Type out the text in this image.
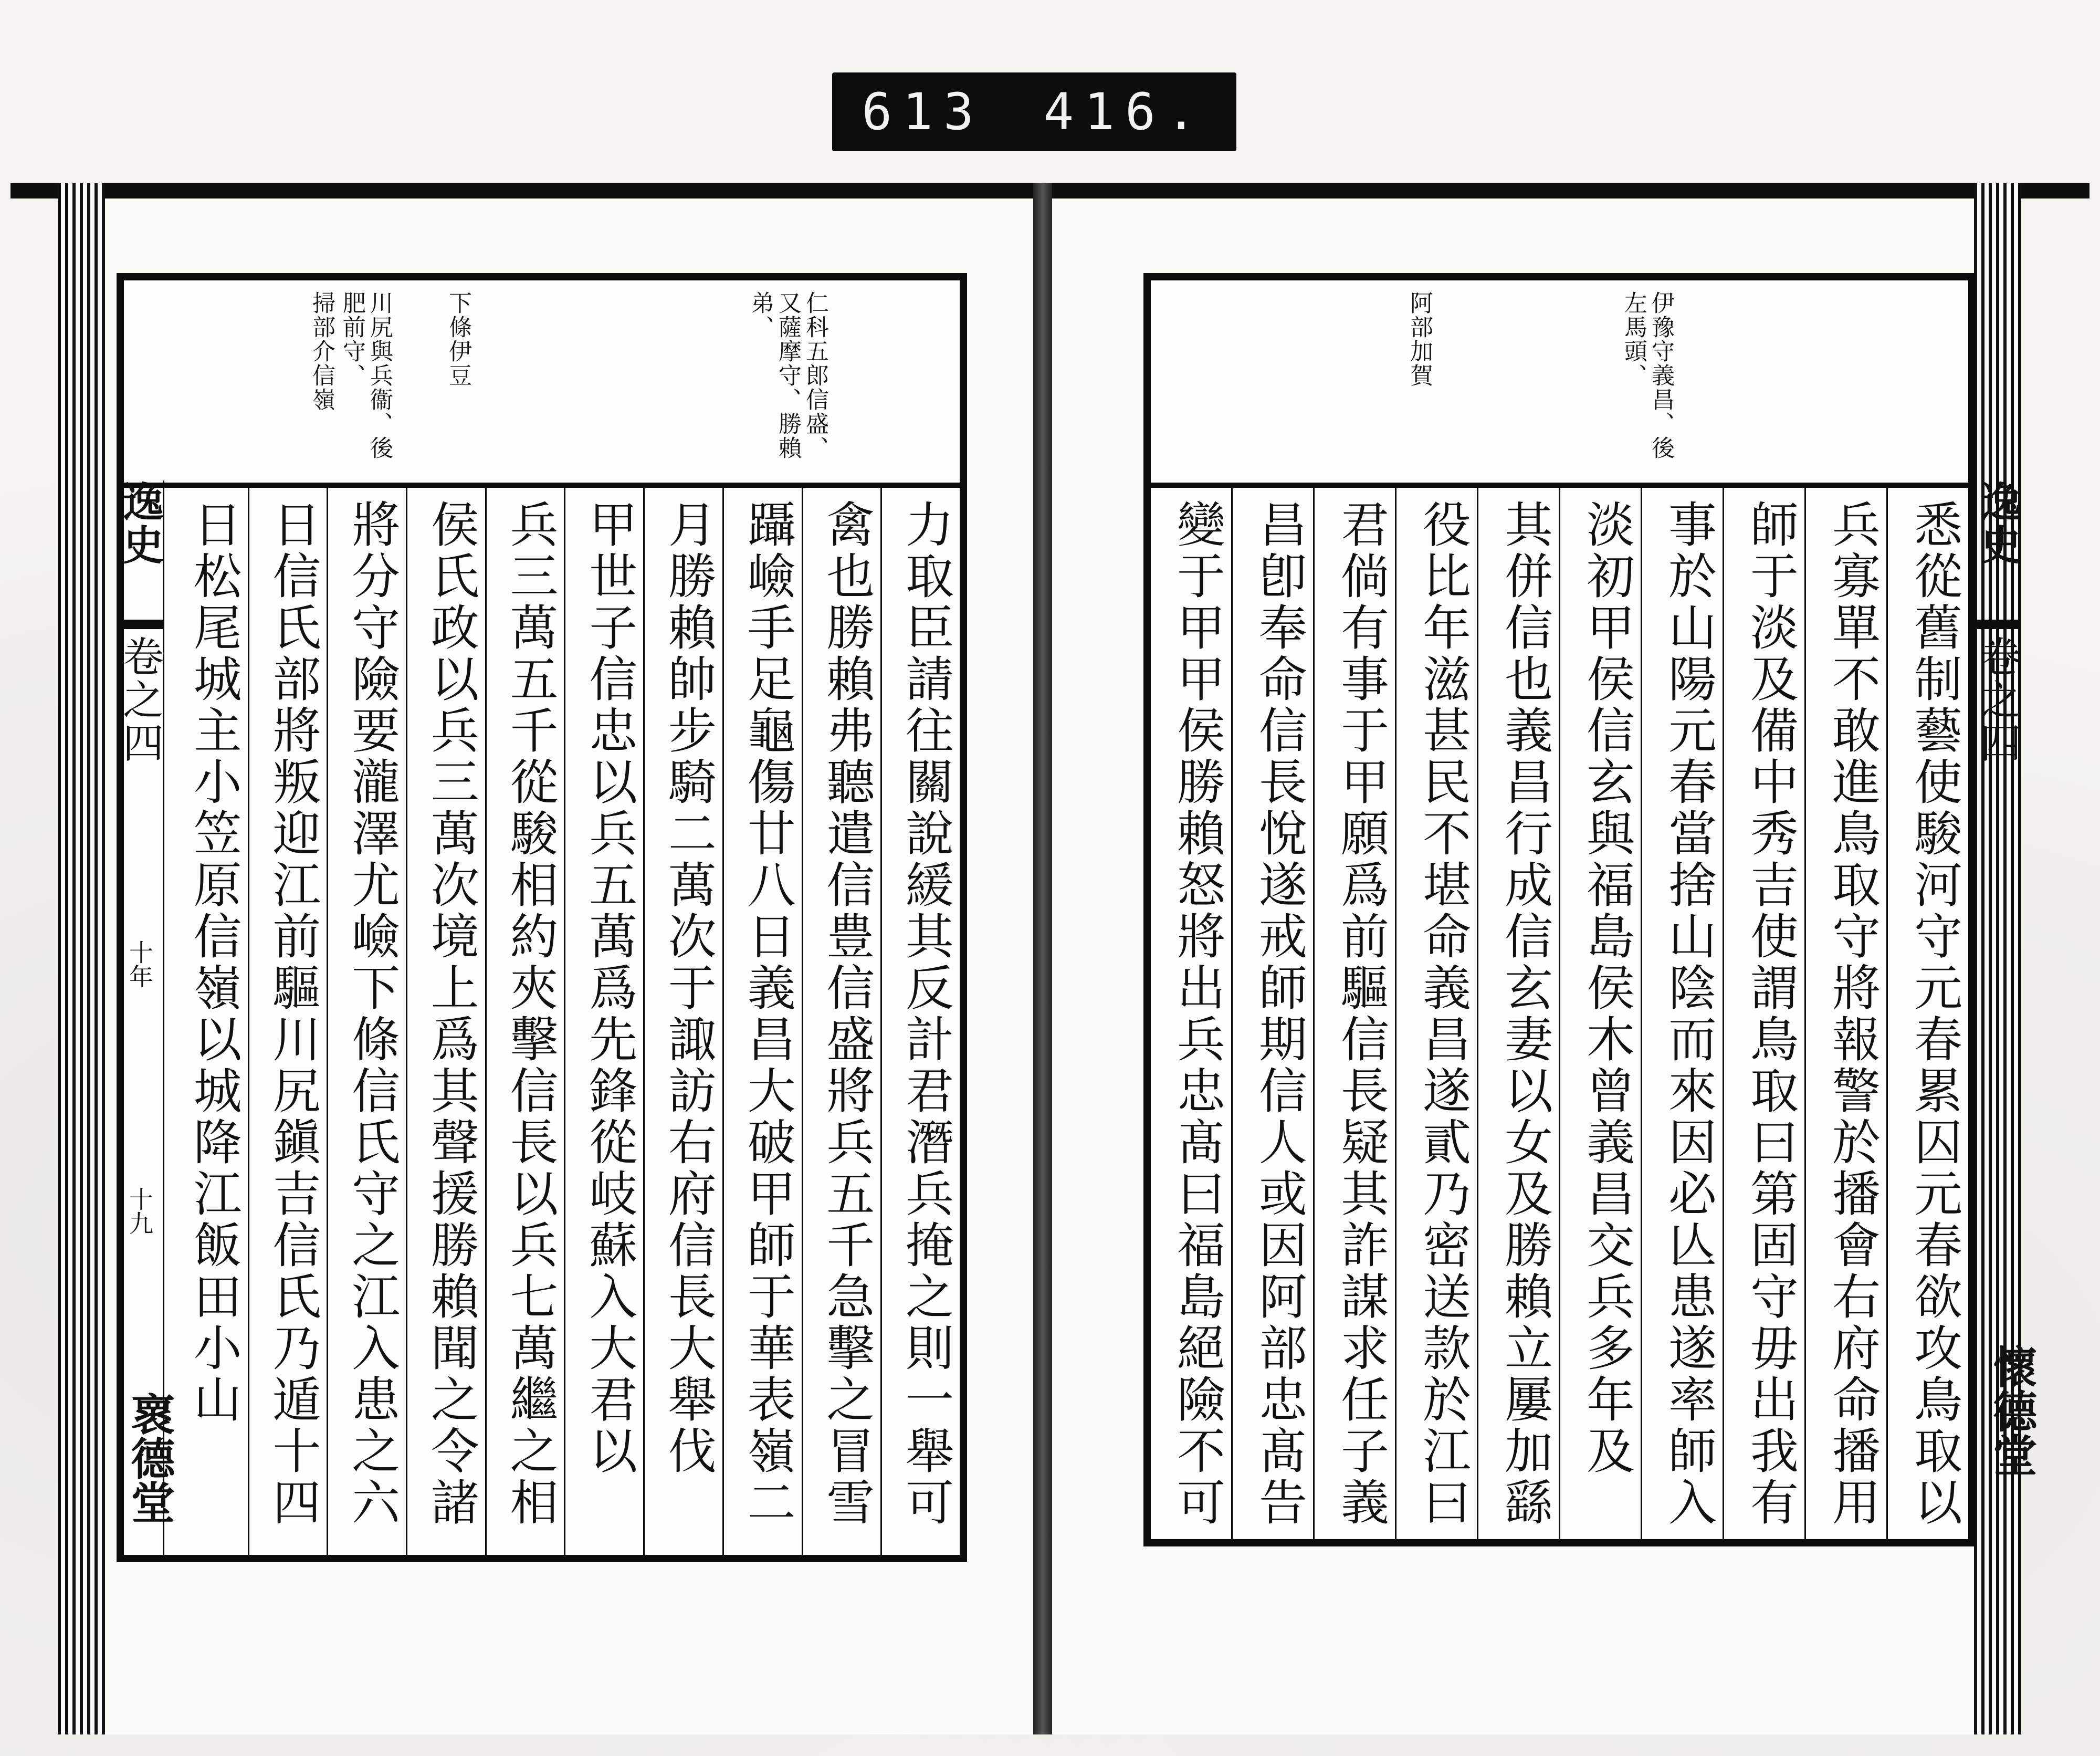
613 416.
仁科五郎信盛、又薩摩守、勝賴弟、
下條伊豆
川尻與兵衞、後肥前守、
掃部介信嶺
力取臣請往關說緩其反計君潛兵掩之則一舉可
禽也勝賴弗聽遣信豊信盛將兵五千急擊之冒雪
躡嶮手足龜傷廿八日義昌大破甲師于華表嶺二
月勝賴帥步騎二萬次于諏訪右府信長大舉伐
甲世子信忠以兵五萬爲先鋒從岐蘇入大君以
兵三萬五千從駿相約夾擊信長以兵七萬繼之相
侯氏政以兵三萬次境上爲其聲援勝賴聞之令諸
將分守險要瀧澤尤嶮下條信氏守之江入患之六
日信氏部將叛迎江前驅川尻鎭吉信氏乃遁十四
日松尾城主小笠原信嶺以城降江飯田小山
逸史
卷之四
十年
十九
褱德堂
伊豫守義昌、後左馬頭、
阿部加賀
悉從舊制藝使駿河守元春累囚元春欲攻鳥取以
兵寡單不敢進鳥取守將報警於播會右府命播用
師于淡及備中秀吉使謂鳥取曰第固守毋出我有
事於山陽元春當捨山陰而來因必亾患遂率師入
淡初甲侯信玄與福島侯木曾義昌交兵多年及
其併信也義昌行成信玄妻以女及勝賴立屢加繇
役比年滋甚民不堪命義昌遂貳乃密送款於江曰
君倘有事于甲願爲前驅信長疑其詐謀求任子義
昌卽奉命信長悅遂戒師期信人或因阿部忠髙告
變于甲甲侯勝賴怒將出兵忠髙曰福島絕險不可	逸史
卷之四
懷德堂
